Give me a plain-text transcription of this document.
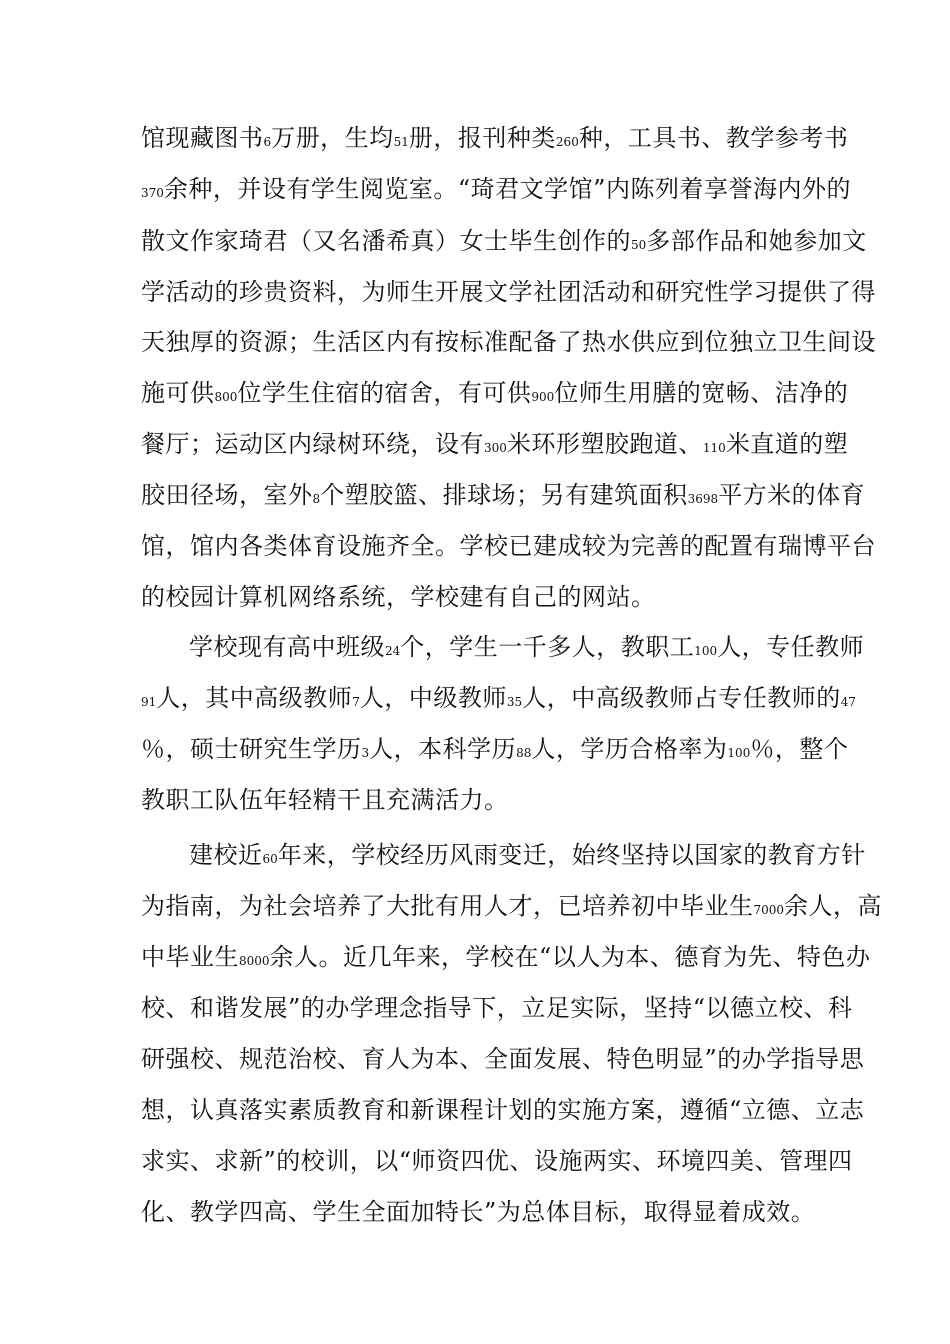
馆现藏图书6万册，生均51册，报刊种类260种，工具书、教学参考书
370余种，并设有学生阅览室。“琦君文学馆”内陈列着享誉海内外的
散文作家琦君（又名潘希真）女士毕生创作的50多部作品和她参加文
学活动的珍贵资料，为师生开展文学社团活动和研究性学习提供了得
天独厚的资源；生活区内有按标准配备了热水供应到位独立卫生间设
施可供800位学生住宿的宿舍，有可供900位师生用膳的宽畅、洁净的
餐厅；运动区内绿树环绕，设有300米环形塑胶跑道、110米直道的塑
胶田径场，室外8个塑胶篮、排球场；另有建筑面积3698平方米的体育
馆，馆内各类体育设施齐全。学校已建成较为完善的配置有瑞博平台
的校园计算机网络系统，学校建有自己的网站。
学校现有高中班级24个，学生一千多人，教职工100人，专任教师
91人，其中高级教师7人，中级教师35人，中高级教师占专任教师的47
％，硕士研究生学历3人，本科学历88人，学历合格率为100％，整个
教职工队伍年轻精干且充满活力。
建校近60年来，学校经历风雨变迁，始终坚持以国家的教育方针
为指南，为社会培养了大批有用人才，已培养初中毕业生7000余人，高
中毕业生8000余人。近几年来，学校在“以人为本、德育为先、特色办
校、和谐发展”的办学理念指导下，立足实际，坚持“以德立校、科
研强校、规范治校、育人为本、全面发展、特色明显”的办学指导思
想，认真落实素质教育和新课程计划的实施方案，遵循“立德、立志
求实、求新”的校训，以“师资四优、设施两实、环境四美、管理四
化、教学四高、学生全面加特长”为总体目标，取得显着成效。
